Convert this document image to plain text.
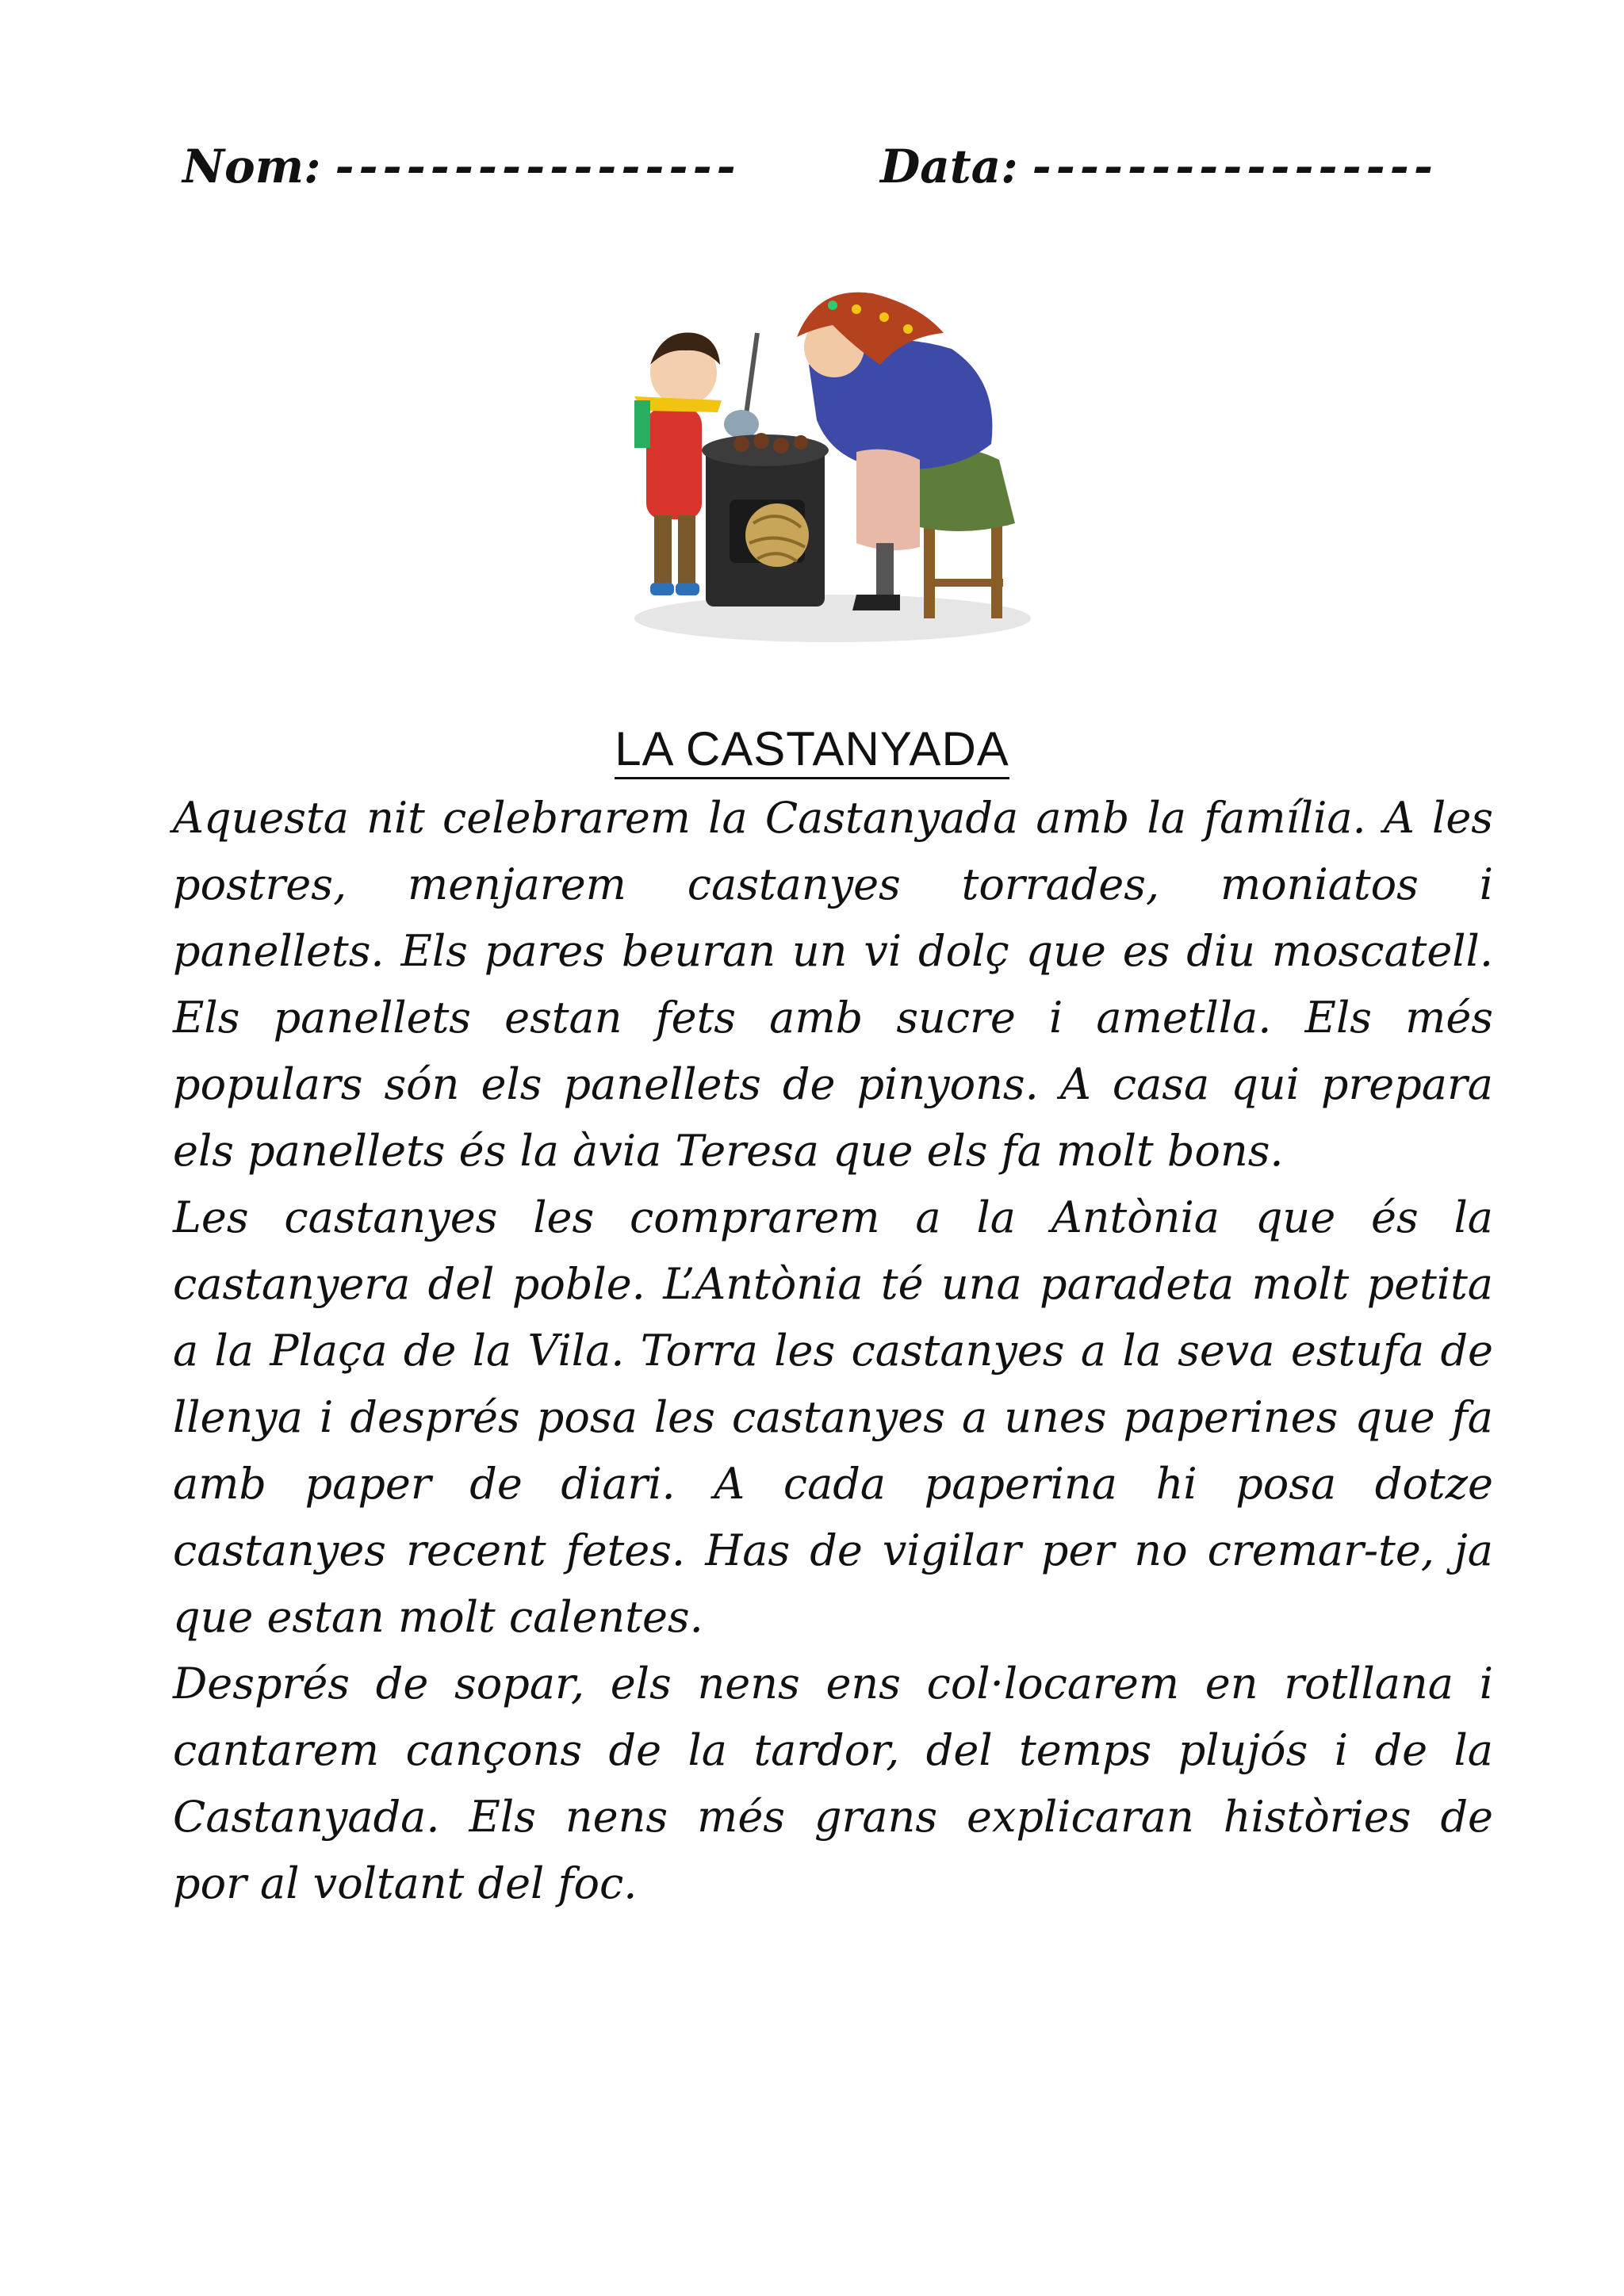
Nom: -----------------	Data: -----------------
LA CASTANYADA
Aquesta nit celebrarem la Castanyada amb la família. A les
postres, menjarem castanyes torrades, moniatos i
panellets. Els pares beuran un vi dolç que es diu moscatell.
Els panellets estan fets amb sucre i ametlla. Els més
populars són els panellets de pinyons. A casa qui prepara
els panellets és la àvia Teresa que els fa molt bons.
Les castanyes les comprarem a la Antònia que és la
castanyera del poble. L’Antònia té una paradeta molt petita
a la Plaça de la Vila. Torra les castanyes a la seva estufa de
llenya i després posa les castanyes a unes paperines que fa
amb paper de diari. A cada paperina hi posa dotze
castanyes recent fetes. Has de vigilar per no cremar-te, ja
que estan molt calentes.
Després de sopar, els nens ens col·locarem en rotllana i
cantarem cançons de la tardor, del temps plujós i de la
Castanyada. Els nens més grans explicaran històries de
por al voltant del foc.
